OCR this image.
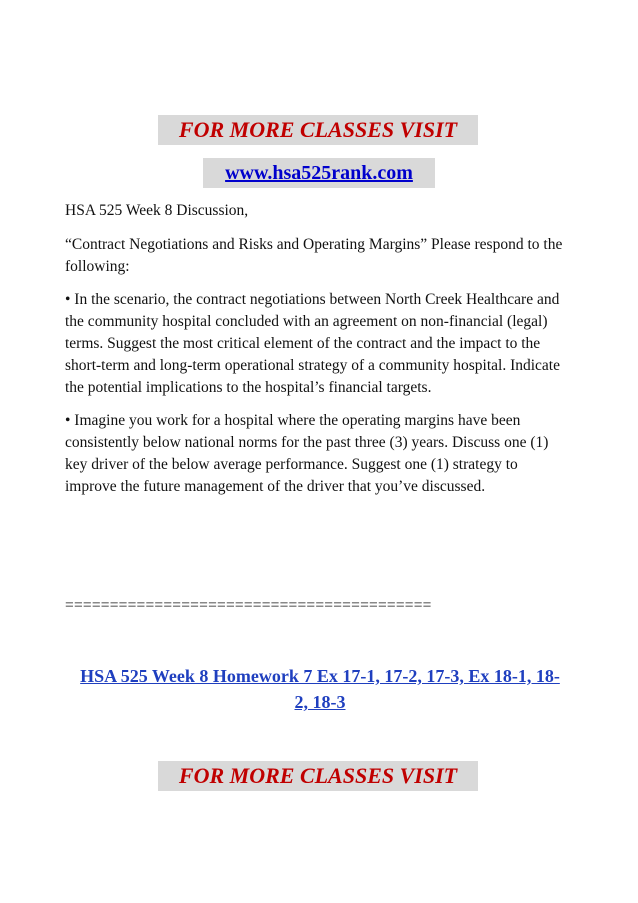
FOR MORE CLASSES VISIT
www.hsa525rank.com

HSA 525 Week 8 Discussion,

“Contract Negotiations and Risks and Operating Margins” Please respond to the following:

• In the scenario, the contract negotiations between North Creek Healthcare and the community hospital concluded with an agreement on non-financial (legal) terms. Suggest the most critical element of the contract and the impact to the short-term and long-term operational strategy of a community hospital. Indicate the potential implications to the hospital’s financial targets.

• Imagine you work for a hospital where the operating margins have been consistently below national norms for the past three (3) years. Discuss one (1) key driver of the below average performance. Suggest one (1) strategy to improve the future management of the driver that you’ve discussed.

=========================================
HSA 525 Week 8 Homework 7 Ex 17-1, 17-2, 17-3, Ex 18-1, 18-2, 18-3
FOR MORE CLASSES VISIT
